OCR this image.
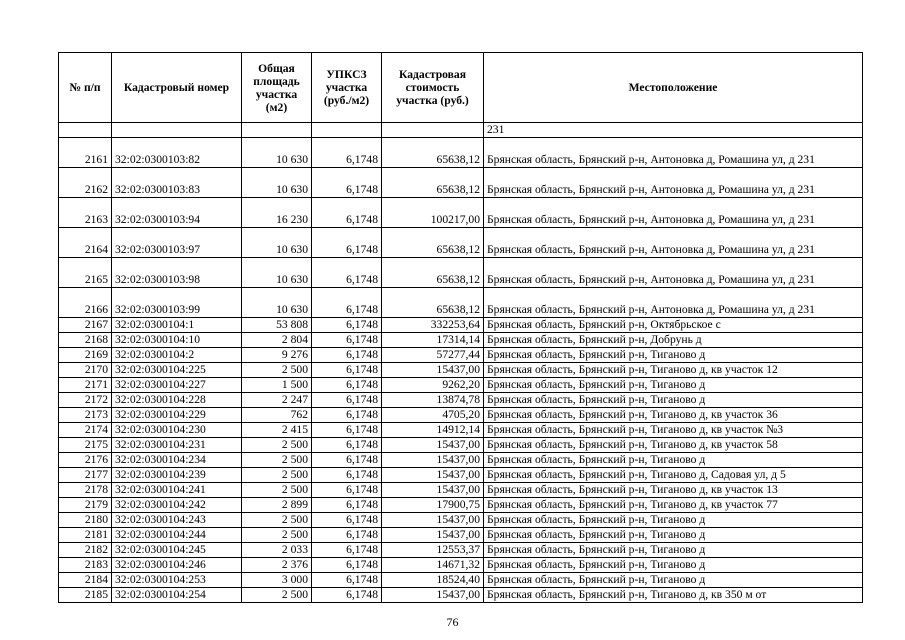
№ п/п	Кадастровый номер	Общая площадь участка (м2)	УПКСЗ участка (руб./м2)	Кадастровая стоимость участка (руб.)	Местоположение
					231
2161	32:02:0300103:82	10 630	6,1748	65638,12	Брянская область, Брянский р-н, Антоновка д, Ромашина ул, д 231
2162	32:02:0300103:83	10 630	6,1748	65638,12	Брянская область, Брянский р-н, Антоновка д, Ромашина ул, д 231
2163	32:02:0300103:94	16 230	6,1748	100217,00	Брянская область, Брянский р-н, Антоновка д, Ромашина ул, д 231
2164	32:02:0300103:97	10 630	6,1748	65638,12	Брянская область, Брянский р-н, Антоновка д, Ромашина ул, д 231
2165	32:02:0300103:98	10 630	6,1748	65638,12	Брянская область, Брянский р-н, Антоновка д, Ромашина ул, д 231
2166	32:02:0300103:99	10 630	6,1748	65638,12	Брянская область, Брянский р-н, Антоновка д, Ромашина ул, д 231
2167	32:02:0300104:1	53 808	6,1748	332253,64	Брянская область, Брянский р-н, Октябрьское с
2168	32:02:0300104:10	2 804	6,1748	17314,14	Брянская область, Брянский р-н, Добрунь д
2169	32:02:0300104:2	9 276	6,1748	57277,44	Брянская область, Брянский р-н, Тиганово д
2170	32:02:0300104:225	2 500	6,1748	15437,00	Брянская область, Брянский р-н, Тиганово д, кв участок 12
2171	32:02:0300104:227	1 500	6,1748	9262,20	Брянская область, Брянский р-н, Тиганово д
2172	32:02:0300104:228	2 247	6,1748	13874,78	Брянская область, Брянский р-н, Тиганово д
2173	32:02:0300104:229	762	6,1748	4705,20	Брянская область, Брянский р-н, Тиганово д, кв участок 36
2174	32:02:0300104:230	2 415	6,1748	14912,14	Брянская область, Брянский р-н, Тиганово д, кв участок №3
2175	32:02:0300104:231	2 500	6,1748	15437,00	Брянская область, Брянский р-н, Тиганово д, кв участок 58
2176	32:02:0300104:234	2 500	6,1748	15437,00	Брянская область, Брянский р-н, Тиганово д
2177	32:02:0300104:239	2 500	6,1748	15437,00	Брянская область, Брянский р-н, Тиганово д, Садовая ул, д 5
2178	32:02:0300104:241	2 500	6,1748	15437,00	Брянская область, Брянский р-н, Тиганово д, кв участок 13
2179	32:02:0300104:242	2 899	6,1748	17900,75	Брянская область, Брянский р-н, Тиганово д, кв участок 77
2180	32:02:0300104:243	2 500	6,1748	15437,00	Брянская область, Брянский р-н, Тиганово д
2181	32:02:0300104:244	2 500	6,1748	15437,00	Брянская область, Брянский р-н, Тиганово д
2182	32:02:0300104:245	2 033	6,1748	12553,37	Брянская область, Брянский р-н, Тиганово д
2183	32:02:0300104:246	2 376	6,1748	14671,32	Брянская область, Брянский р-н, Тиганово д
2184	32:02:0300104:253	3 000	6,1748	18524,40	Брянская область, Брянский р-н, Тиганово д
2185	32:02:0300104:254	2 500	6,1748	15437,00	Брянская область, Брянский р-н, Тиганово д, кв 350 м от
76
